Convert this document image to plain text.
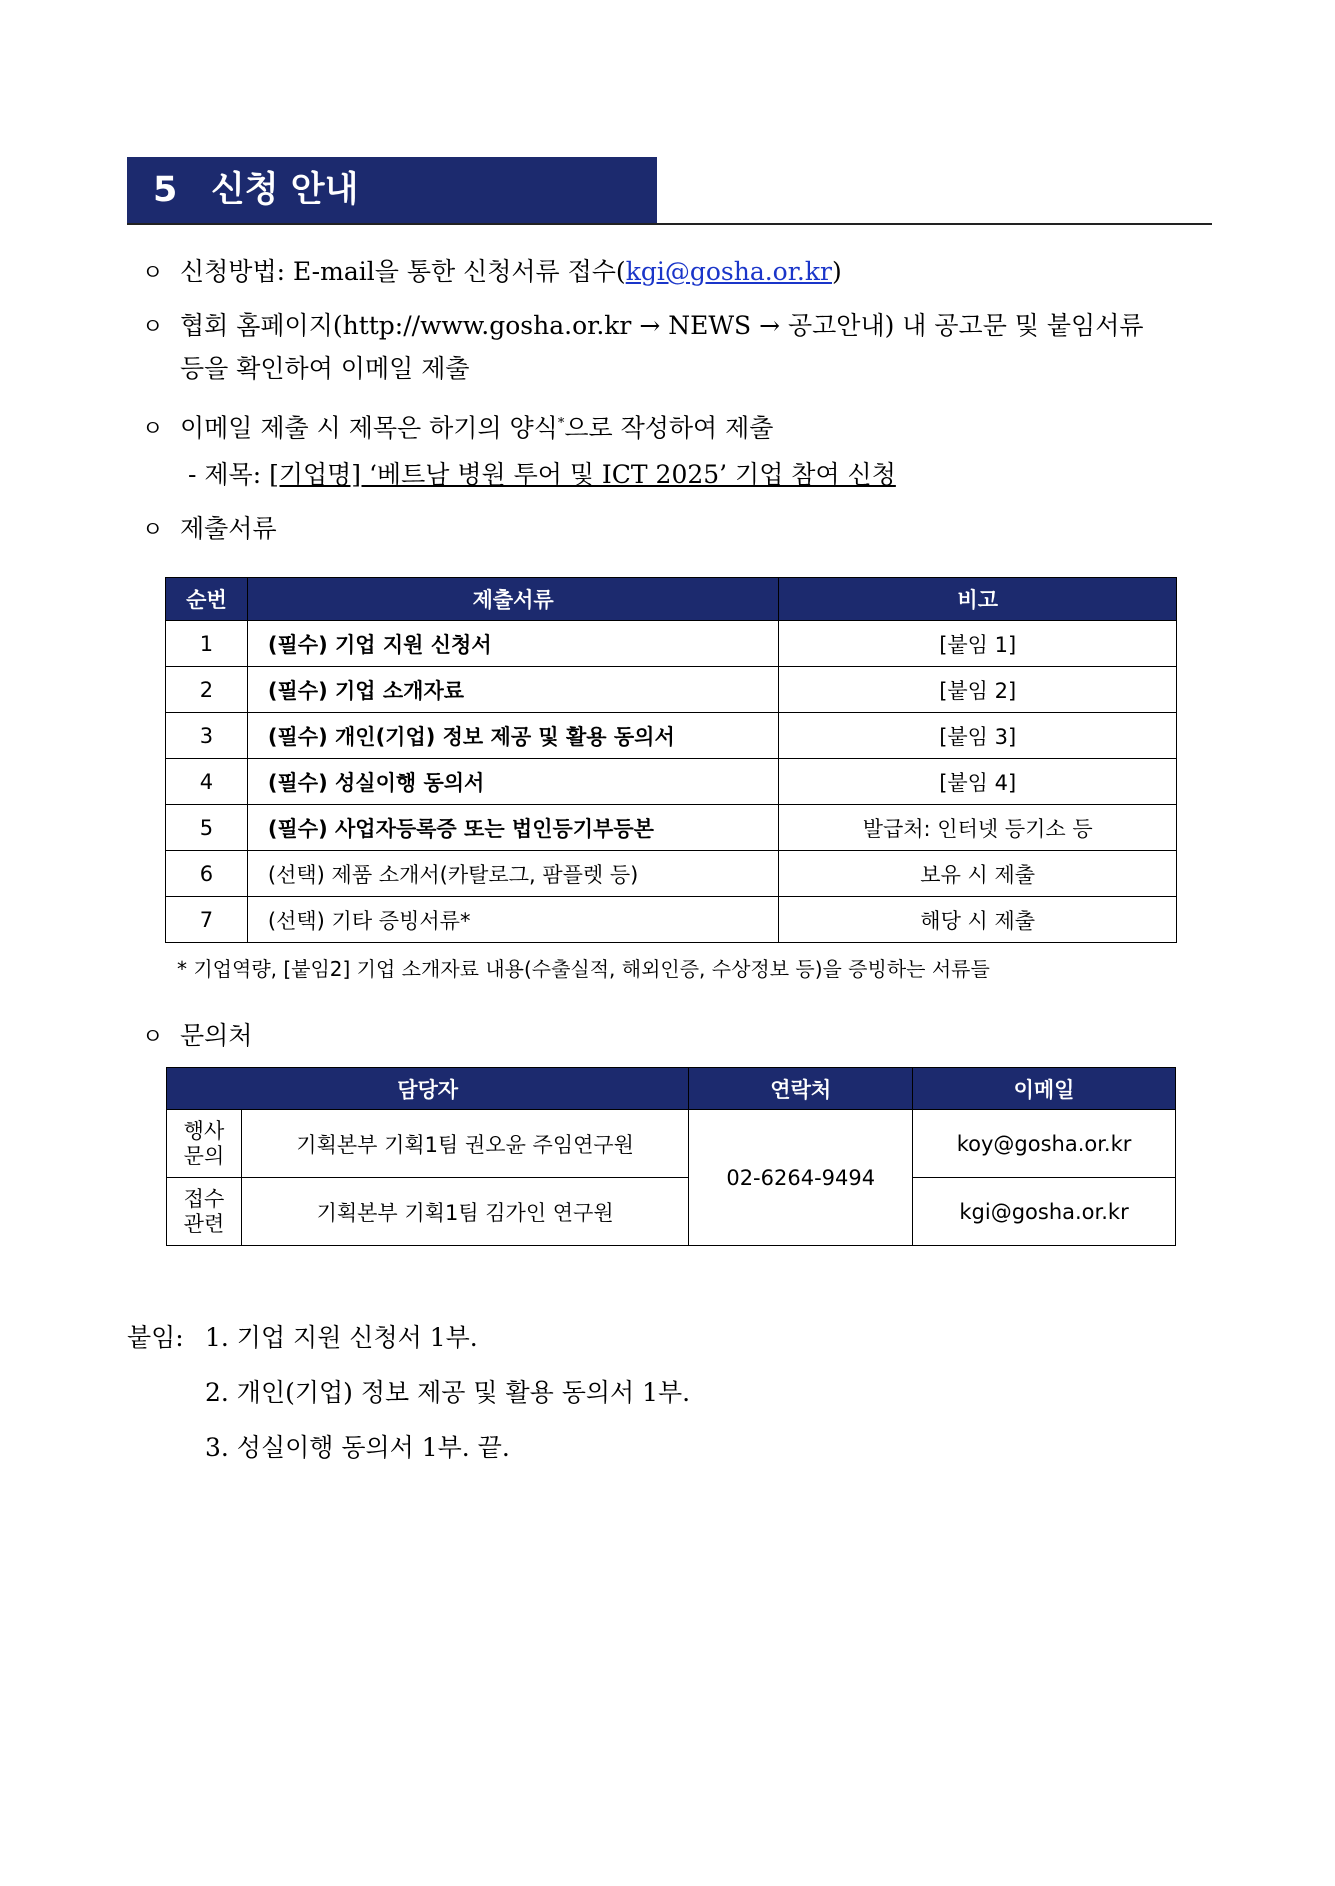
5 신청 안내
ㅇ 신청방법: E-mail을 통한 신청서류 접수(kgi@gosha.or.kr)
ㅇ 협회 홈페이지(http://www.gosha.or.kr → NEWS → 공고안내) 내 공고문 및 붙임서류
등을 확인하여 이메일 제출
ㅇ 이메일 제출 시 제목은 하기의 양식*으로 작성하여 제출
- 제목: [기업명] ‘베트남 병원 투어 및 ICT 2025’ 기업 참여 신청
ㅇ 제출서류
순번	제출서류	비고
1	(필수) 기업 지원 신청서	[붙임 1]
2	(필수) 기업 소개자료	[붙임 2]
3	(필수) 개인(기업) 정보 제공 및 활용 동의서	[붙임 3]
4	(필수) 성실이행 동의서	[붙임 4]
5	(필수) 사업자등록증 또는 법인등기부등본	발급처: 인터넷 등기소 등
6	(선택) 제품 소개서(카탈로그, 팜플렛 등)	보유 시 제출
7	(선택) 기타 증빙서류*	해당 시 제출
* 기업역량, [붙임2] 기업 소개자료 내용(수출실적, 해외인증, 수상정보 등)을 증빙하는 서류들
ㅇ 문의처
담당자		연락처	이메일

행사
문의	기획본부 기획1팀 권오윤 주임연구원	02-6264-9494	koy@gosha.or.kr

접수
관련	기획본부 기획1팀 김가인 연구원		kgi@gosha.or.kr
붙임: 1. 기업 지원 신청서 1부.
2. 개인(기업) 정보 제공 및 활용 동의서 1부.
3. 성실이행 동의서 1부. 끝.
